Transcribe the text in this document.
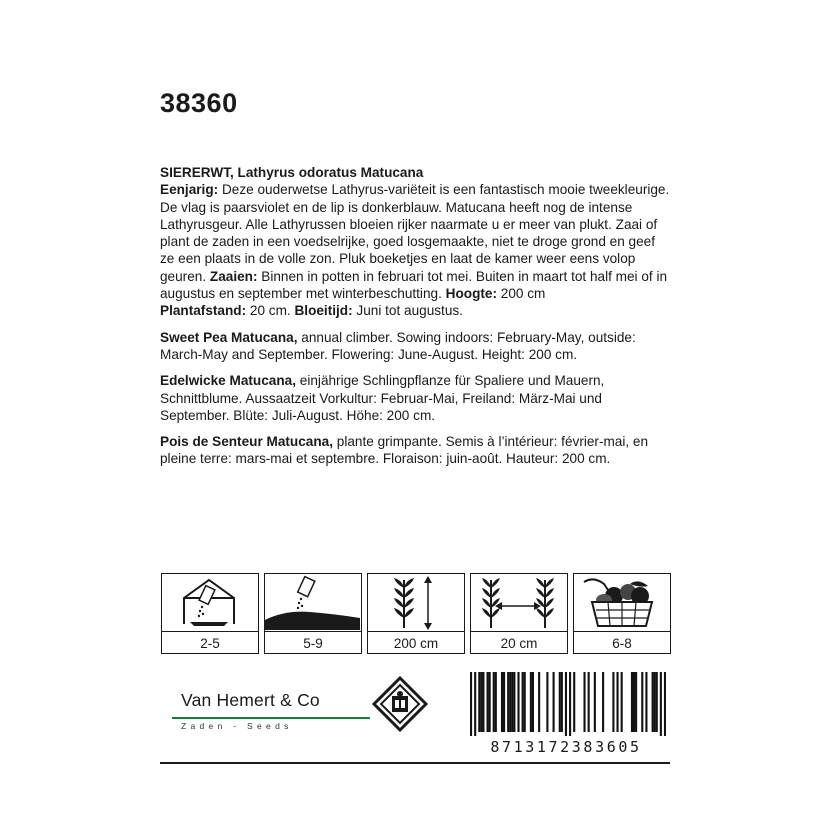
38360

SIERERWT, Lathyrus odoratus Matucana
Eenjarig: Deze ouderwetse Lathyrus-variëteit is een fantastisch mooie tweekleurige. De vlag is paarsviolet en de lip is donkerblauw. Matucana heeft nog de intense Lathyrusgeur. Alle Lathyrussen bloeien rijker naarmate u er meer van plukt. Zaai of plant de zaden in een voedselrijke, goed losgemaakte, niet te droge grond en geef ze een plaats in de volle zon. Pluk boeketjes en laat de kamer weer eens volop geuren. Zaaien: Binnen in potten in februari tot mei. Buiten in maart tot half mei of in augustus en september met winterbeschutting. Hoogte: 200 cm
Plantafstand: 20 cm. Bloeitijd: Juni tot augustus.

Sweet Pea Matucana, annual climber. Sowing indoors: February-May, outside: March-May and September. Flowering: June-August. Height: 200 cm.

Edelwicke Matucana, einjährige Schlingpflanze für Spaliere und Mauern, Schnittblume. Aussaatzeit Vorkultur: Februar-Mai, Freiland: März-Mai und September. Blüte: Juli-August. Höhe: 200 cm.

Pois de Senteur Matucana, plante grimpante. Semis à l’intérieur: février-mai, en pleine terre: mars-mai et septembre. Floraison: juin-août. Hauteur: 200 cm.

2-5	5-9	200 cm	20 cm	6-8
Van Hemert & Co
Zaden - Seeds
8713172383605
